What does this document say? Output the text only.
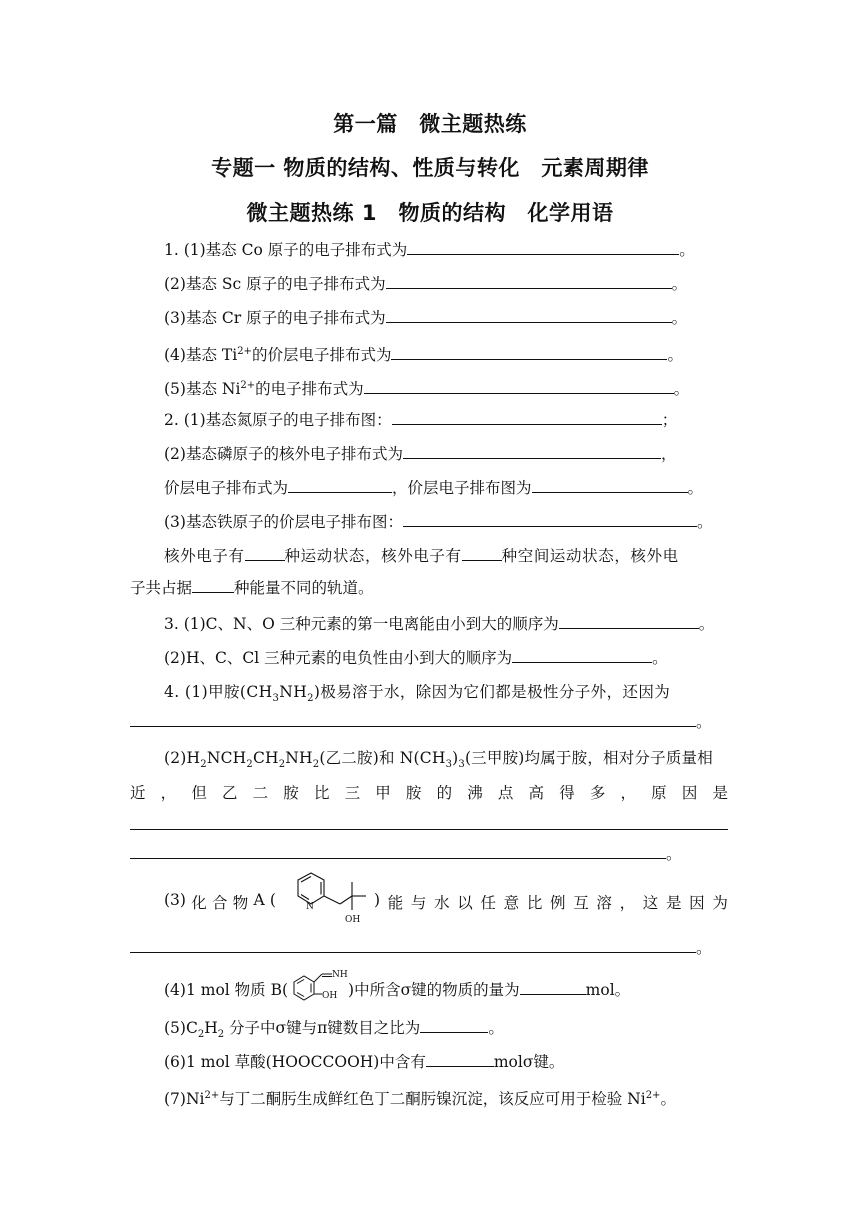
第一篇　微主题热练
专题一 物质的结构、性质与转化　元素周期律
微主题热练 1　物质的结构　化学用语
1. (1)基态 Co 原子的电子排布式为	。
(2)基态 Sc 原子的电子排布式为	。
(3)基态 Cr 原子的电子排布式为	。
(4)基态 $Ti^{2+}$的价层电子排布式为	。
(5)基态 $Ni^{2+}$的电子排布式为	。
2. (1)基态氮原子的电子排布图：	；
(2)基态磷原子的核外电子排布式为	，
价层电子排布式为	，价层电子排布图为	。
(3)基态铁原子的价层电子排布图：	。
核外电子有	种运动状态，核外电子有	种空间运动状态，核外电
子共占据	种能量不同的轨道。
3. (1)C、N、O 三种元素的第一电离能由小到大的顺序为	。
(2)H、C、Cl 三种元素的电负性由小到大的顺序为	。
4. (1)甲胺$(CH_3NH_2)$极易溶于水，除因为它们都是极性分子外，还因为
。
$(2)H_2NCH_2CH_2NH_2$(乙二胺)和 $N(CH_3)_3$(三甲胺)均属于胺，相对分子质量相
近 ， 但 乙 二 胺 比 三 甲 胺 的 沸 点 高 得 多 ， 原 因 是
。
(3) 化 合 物 A (	N
OH
) 能 与 水 以 任 意 比 例 互 溶 ， 这 是 因 为
。
(4)1 mol 物质 B(
NH
OH )中所含σ键的物质的量为	mol。
$(5)C_2H_2$ 分子中σ键与π键数目之比为	。
(6)1 mol 草酸(HOOCCOOH)中含有	molσ键。
$(7)Ni^{2+}$与丁二酮肟生成鲜红色丁二酮肟镍沉淀，该反应可用于检验 $Ni^{2+}$。
